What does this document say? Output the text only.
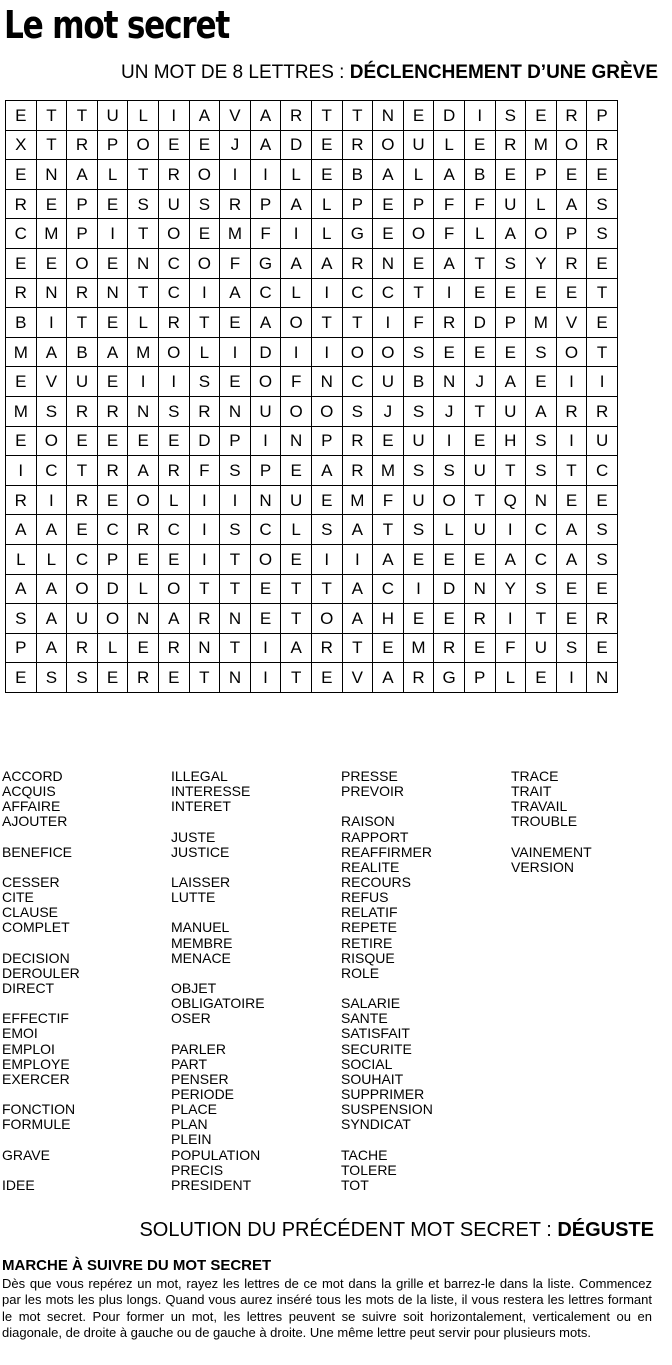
Le mot secret
UN MOT DE 8 LETTRES : DÉCLENCHEMENT D’UNE GRÈVE
E	T	T	U	L	I	A	V	A	R	T	T	N	E	D	I	S	E	R	P
X	T	R	P	O	E	E	J	A	D	E	R	O	U	L	E	R	M	O	R
E	N	A	L	T	R	O	I	I	L	E	B	A	L	A	B	E	P	E	E
R	E	P	E	S	U	S	R	P	A	L	P	E	P	F	F	U	L	A	S
C	M	P	I	T	O	E	M	F	I	L	G	E	O	F	L	A	O	P	S
E	E	O	E	N	C	O	F	G	A	A	R	N	E	A	T	S	Y	R	E
R	N	R	N	T	C	I	A	C	L	I	C	C	T	I	E	E	E	E	T
B	I	T	E	L	R	T	E	A	O	T	T	I	F	R	D	P	M	V	E
M	A	B	A	M	O	L	I	D	I	I	O	O	S	E	E	E	S	O	T
E	V	U	E	I	I	S	E	O	F	N	C	U	B	N	J	A	E	I	I
M	S	R	R	N	S	R	N	U	O	O	S	J	S	J	T	U	A	R	R
E	O	E	E	E	E	D	P	I	N	P	R	E	U	I	E	H	S	I	U
I	C	T	R	A	R	F	S	P	E	A	R	M	S	S	U	T	S	T	C
R	I	R	E	O	L	I	I	N	U	E	M	F	U	O	T	Q	N	E	E
A	A	E	C	R	C	I	S	C	L	S	A	T	S	L	U	I	C	A	S
L	L	C	P	E	E	I	T	O	E	I	I	A	E	E	E	A	C	A	S
A	A	O	D	L	O	T	T	E	T	T	A	C	I	D	N	Y	S	E	E
S	A	U	O	N	A	R	N	E	T	O	A	H	E	E	R	I	T	E	R
P	A	R	L	E	R	N	T	I	A	R	T	E	M	R	E	F	U	S	E
E	S	S	E	R	E	T	N	I	T	E	V	A	R	G	P	L	E	I	N
ACCORD
ACQUIS
AFFAIRE
AJOUTER
BENEFICE
CESSER
CITE
CLAUSE
COMPLET
DECISION
DEROULER
DIRECT
EFFECTIF
EMOI
EMPLOI
EMPLOYE
EXERCER
FONCTION
FORMULE
GRAVE
IDEE
ILLEGAL
INTERESSE
INTERET
JUSTE
JUSTICE
LAISSER
LUTTE
MANUEL
MEMBRE
MENACE
OBJET
OBLIGATOIRE
OSER
PARLER
PART
PENSER
PERIODE
PLACE
PLAN
PLEIN
POPULATION
PRECIS
PRESIDENT
PRESSE
PREVOIR
RAISON
RAPPORT
REAFFIRMER
REALITE
RECOURS
REFUS
RELATIF
REPETE
RETIRE
RISQUE
ROLE
SALARIE
SANTE
SATISFAIT
SECURITE
SOCIAL
SOUHAIT
SUPPRIMER
SUSPENSION
SYNDICAT
TACHE
TOLERE
TOT
TRACE
TRAIT
TRAVAIL
TROUBLE
VAINEMENT
VERSION
SOLUTION DU PRÉCÉDENT MOT SECRET : DÉGUSTE
MARCHE À SUIVRE DU MOT SECRET
Dès que vous repérez un mot, rayez les lettres de ce mot dans la grille et barrez-le dans la liste. Commencez par les mots les plus longs. Quand vous aurez inséré tous les mots de la liste, il vous restera les lettres formant le mot secret. Pour former un mot, les lettres peuvent se suivre soit horizontalement, verticalement ou en diagonale, de droite à gauche ou de gauche à droite. Une même lettre peut servir pour plusieurs mots.
